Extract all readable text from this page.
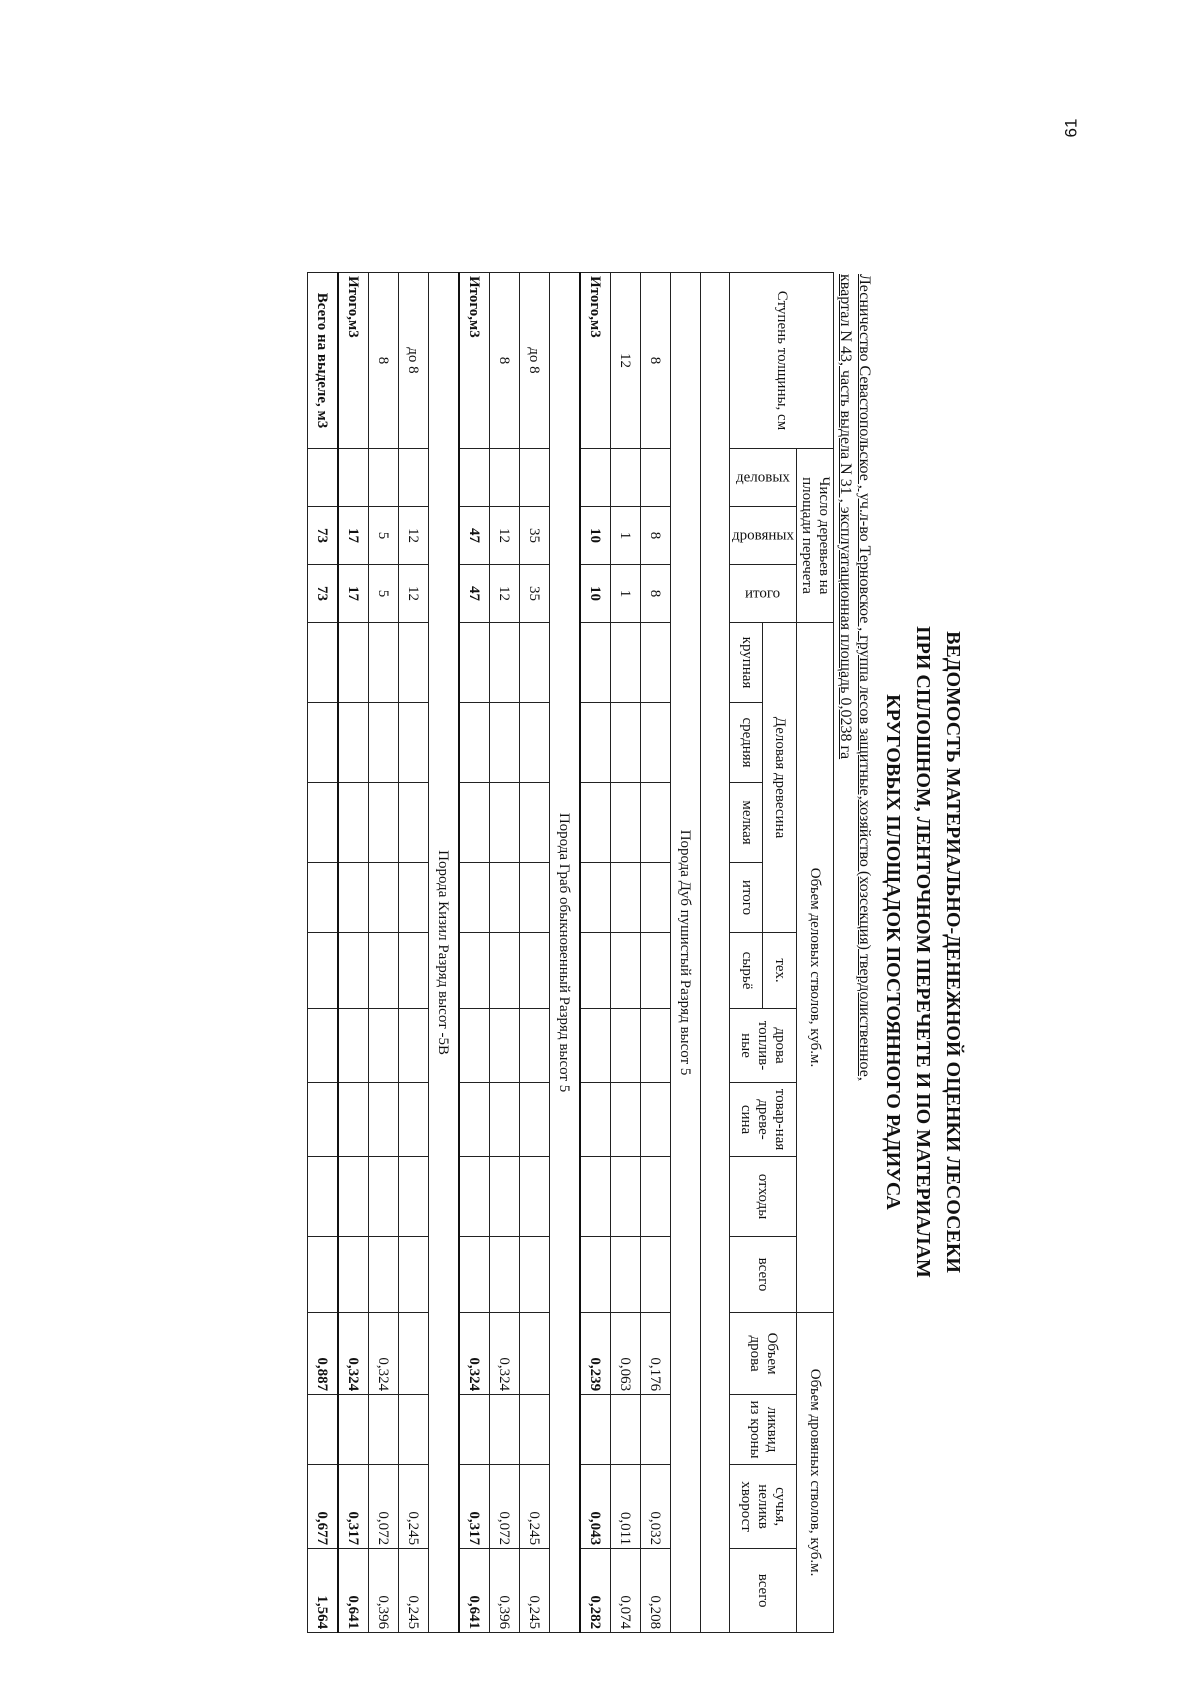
61
ВЕДОМОСТЬ МАТЕРИАЛЬНО-ДЕНЕЖНОЙ ОЦЕНКИ ЛЕСОСЕКИ
ПРИ СПЛОШНОМ, ЛЕНТОЧНОМ ПЕРЕЧЕТЕ И ПО МАТЕРИАЛАМ
КРУГОВЫХ ПЛОЩАДОК ПОСТОЯННОГО РАДИУСА
Лесничество Севастопольское , уч.л-во Терновское , группа лесов защитные,хозяйство (хозсекция) твердолиственное,
квартал N 43, часть выдела N 31 , эксплуатационная площадь 0,0238 га
Ступень толщины, см	Число деревьев на площади перечета			Объем деловых стволов, куб.м.									Объем дровяных стволов, куб.м.			
	деловых	дровяных	итого	Деловая древесина				тех.	дрова топлив-ные	товар-ная древе-сина	отходы	всего	Объем дрова	ликвид из кроны	сучья, неликв хворост	всего
				крупная	средняя	мелкая	итого	сырьё								

Порода Дуб пушистый Разряд высот 5																
8		8	8										0,176		0,032	0,208
12		1	1										0,063		0,011	0,074
Итого,м3		10	10										0,239		0,043	0,282
Порода Граб обыкновенный Разряд высот 5																
до 8		35	35												0,245	0,245
8		12	12										0,324		0,072	0,396
Итого,м3		47	47										0,324		0,317	0,641
Порода Кизил Разряд высот -5В																
до 8		12	12												0,245	0,245
8		5	5										0,324		0,072	0,396
Итого,м3		17	17										0,324		0,317	0,641
Всего на выделе, м3		73	73										0,887		0,677	1,564
